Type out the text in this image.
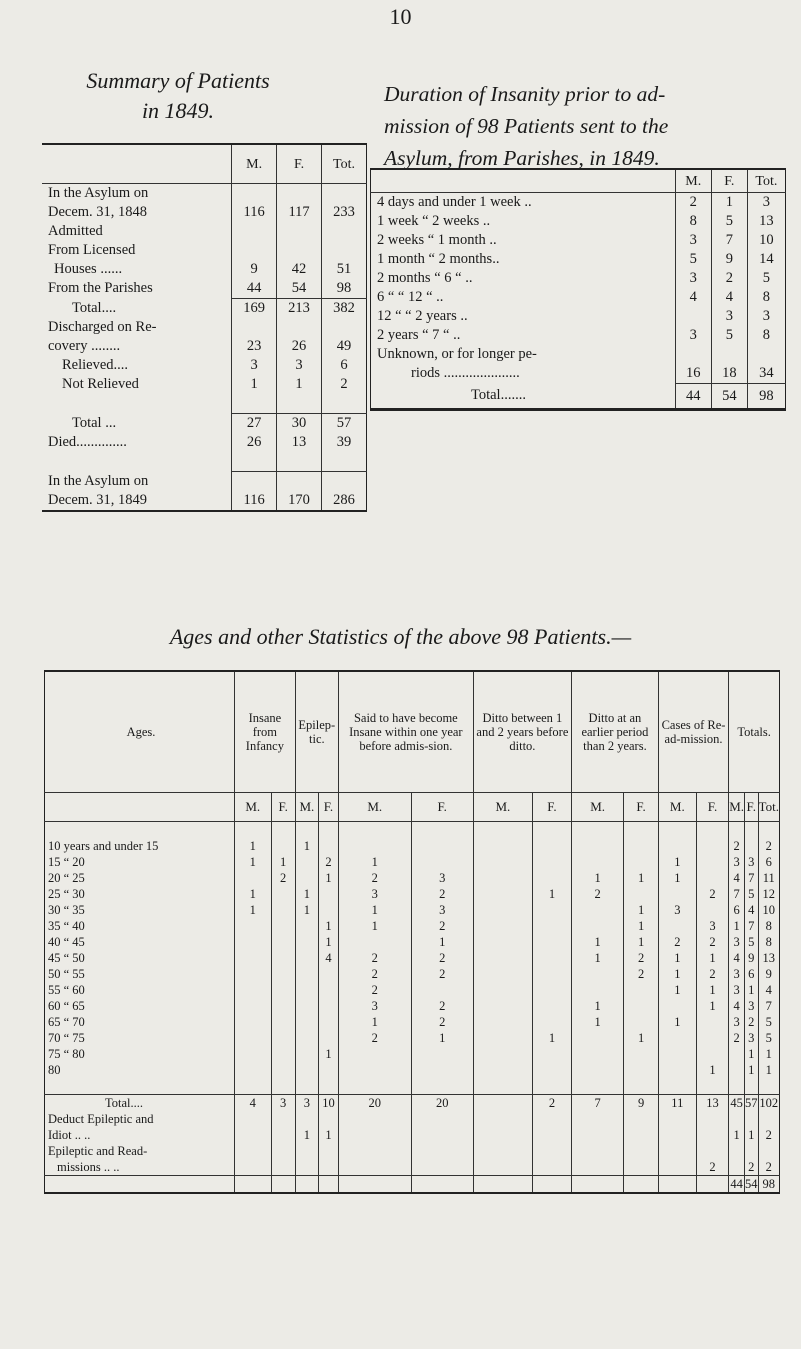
10
Summary of Patients
in 1849.
Duration of Insanity prior to ad-
mission of 98 Patients sent to the
Asylum, from Parishes, in 1849.
	M.	F.	Tot.
In the Asylum on			
Decem. 31, 1848	116	117	233
Admitted			
From Licensed			
Houses ......	9	42	51
From the Parishes	44	54	98
Total....	169	213	382
Discharged on Re-			
covery ........	23	26	49
Relieved....	3	3	6
Not Relieved	1	1	2

Total ...	27	30	57
Died..............	26	13	39

In the Asylum on			
Decem. 31, 1849	116	170	286
	M.	F.	Tot.
4 days and under 1 week ..	2	1	3
1 week “ 2 weeks ..	8	5	13
2 weeks “ 1 month ..	3	7	10
1 month “ 2 months..	5	9	14
2 months “ 6 “ ..	3	2	5
6 “ “ 12 “ ..	4	4	8
12 “ “ 2 years ..		3	3
2 years “ 7 “ ..	3	5	8
Unknown, or for longer pe-			
riods .....................	16	18	34
Total.......	44	54	98
Ages and other Statistics of the above 98 Patients.—
Ages.	Insane from Infancy		Epilep-tic.		Said to have become Insane within one year before admis-sion.		Ditto between 1 and 2 years before ditto.		Ditto at an earlier period than 2 years.		Cases of Re-ad-mission.		Totals.		
	M.	F.	M.	F.	M.	F.	M.	F.	M.	F.	M.	F.	M.	F.	Tot.

10 years and under 15	1		1										2		2
15 “ 20	1	1		2	1						1		3	3	6
20 “ 25		2		1	2	3			1	1	1		4	7	11
25 “ 30	1		1		3	2		1	2			2	7	5	12
30 “ 35	1		1		1	3				1	3		6	4	10
35 “ 40				1	1	2				1		3	1	7	8
40 “ 45				1		1			1	1	2	2	3	5	8
45 “ 50				4	2	2			1	2	1	1	4	9	13
50 “ 55					2	2				2	1	2	3	6	9
55 “ 60					2						1	1	3	1	4
60 “ 65					3	2			1			1	4	3	7
65 “ 70					1	2			1		1		3	2	5
70 “ 75					2	1		1		1			2	3	5
75 “ 80				1										1	1
80												1		1	1

Total....	4	3	3	10	20	20		2	7	9	11	13	45	57	102
Deduct Epileptic and															
Idiot .. ..			1	1									1	1	2
Epileptic and Read-															
missions .. ..												2		2	2
													44	54	98
